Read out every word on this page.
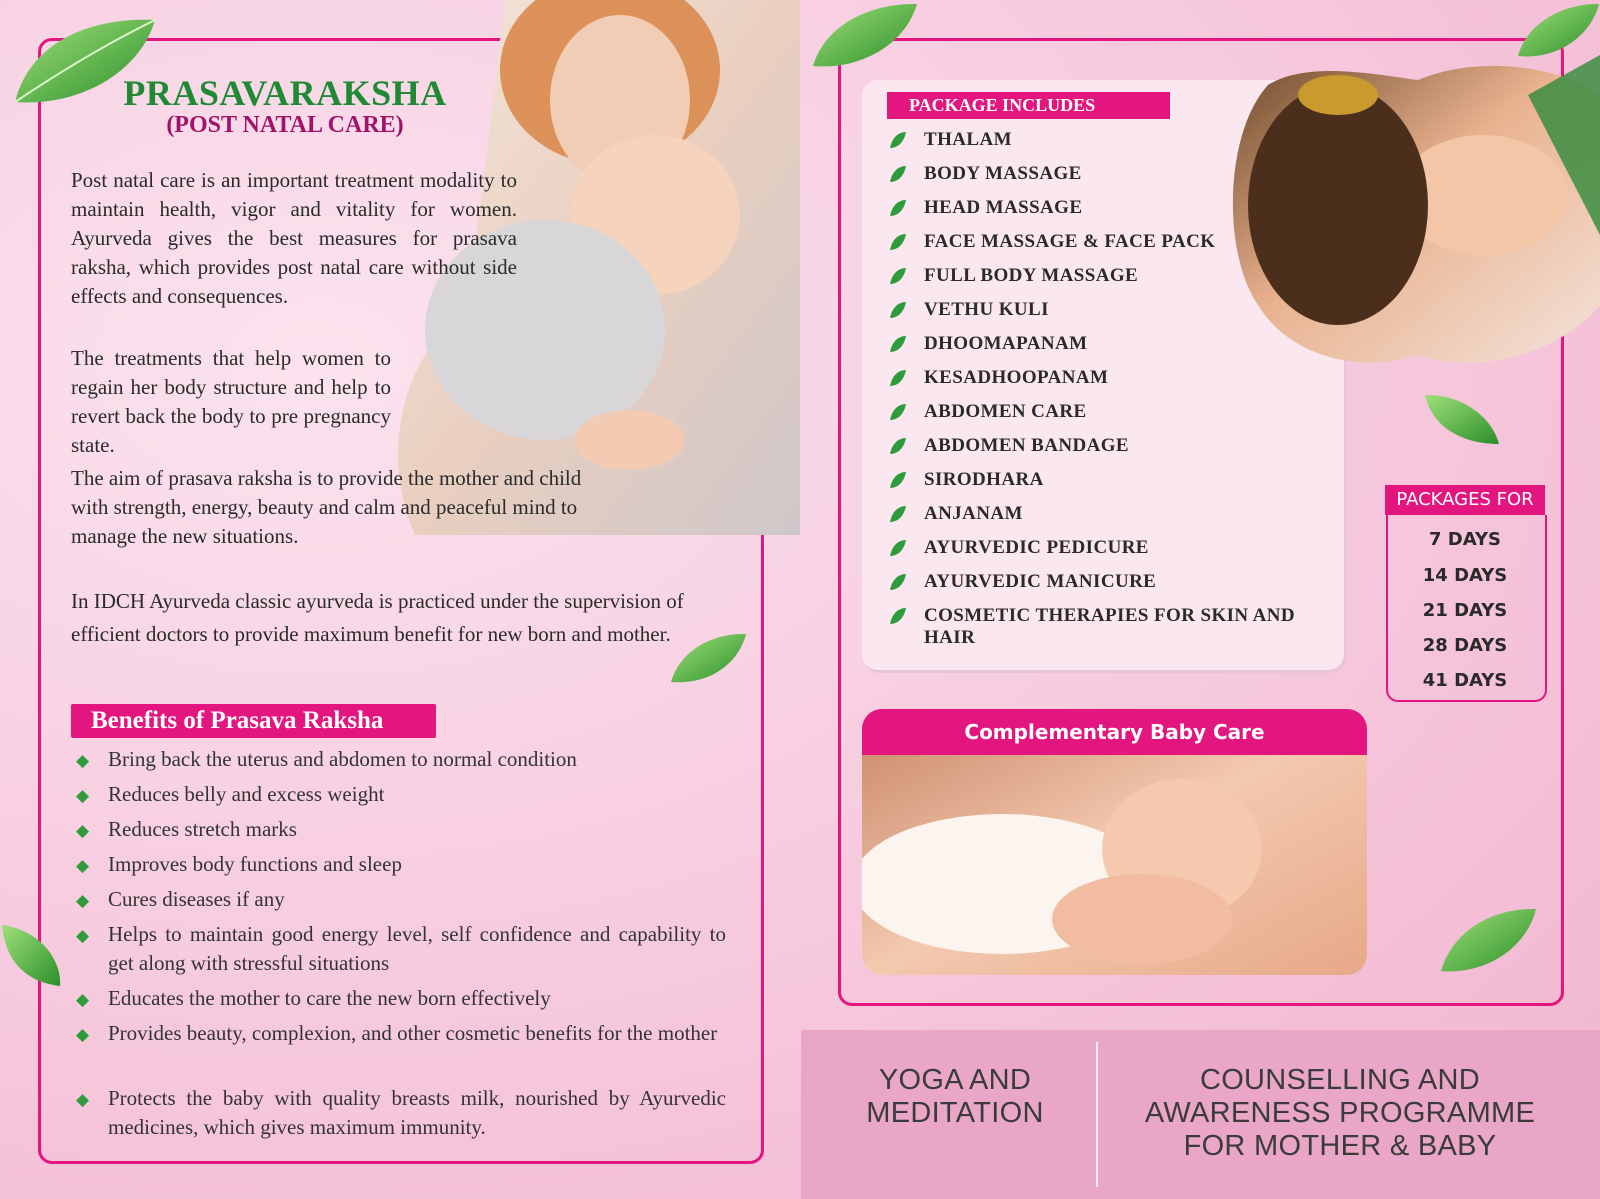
PRASAVARAKSHA
(POST NATAL CARE)
Post natal care is an important treatment modality to maintain health, vigor and vitality for women. Ayurveda gives the best measures for prasava raksha, which provides post natal care without side effects and consequences.
The treatments that help women to regain her body structure and help to revert back the body to pre pregnancy state.
The aim of prasava raksha is to provide the mother and child with strength, energy, beauty and calm and peaceful mind to manage the new situations.
In IDCH Ayurveda classic ayurveda is practiced under the supervision of efficient doctors to provide maximum benefit for new born and mother.
Benefits of Prasava Raksha
◆ Bring back the uterus and abdomen to normal condition
◆ Reduces belly and excess weight
◆ Reduces stretch marks
◆ Improves body functions and sleep
◆ Cures diseases if any
◆ Helps to maintain good energy level, self confidence and capability to get along with stressful situations
◆ Educates the mother to care the new born effectively
◆ Provides beauty, complexion, and other cosmetic benefits for the mother
◆ Protects the baby with quality breasts milk, nourished by Ayurvedic medicines, which gives maximum immunity.
PACKAGE INCLUDES
THALAM
BODY MASSAGE
HEAD MASSAGE
FACE MASSAGE & FACE PACK
FULL BODY MASSAGE
VETHU KULI
DHOOMAPANAM
KESADHOOPANAM
ABDOMEN CARE
ABDOMEN BANDAGE
SIRODHARA
ANJANAM
AYURVEDIC PEDICURE
AYURVEDIC MANICURE
COSMETIC THERAPIES FOR SKIN AND HAIR
PACKAGES FOR
7 DAYS
14 DAYS
21 DAYS
28 DAYS
41 DAYS
Complementary Baby Care
YOGA AND MEDITATION
COUNSELLING AND AWARENESS PROGRAMME FOR MOTHER & BABY
